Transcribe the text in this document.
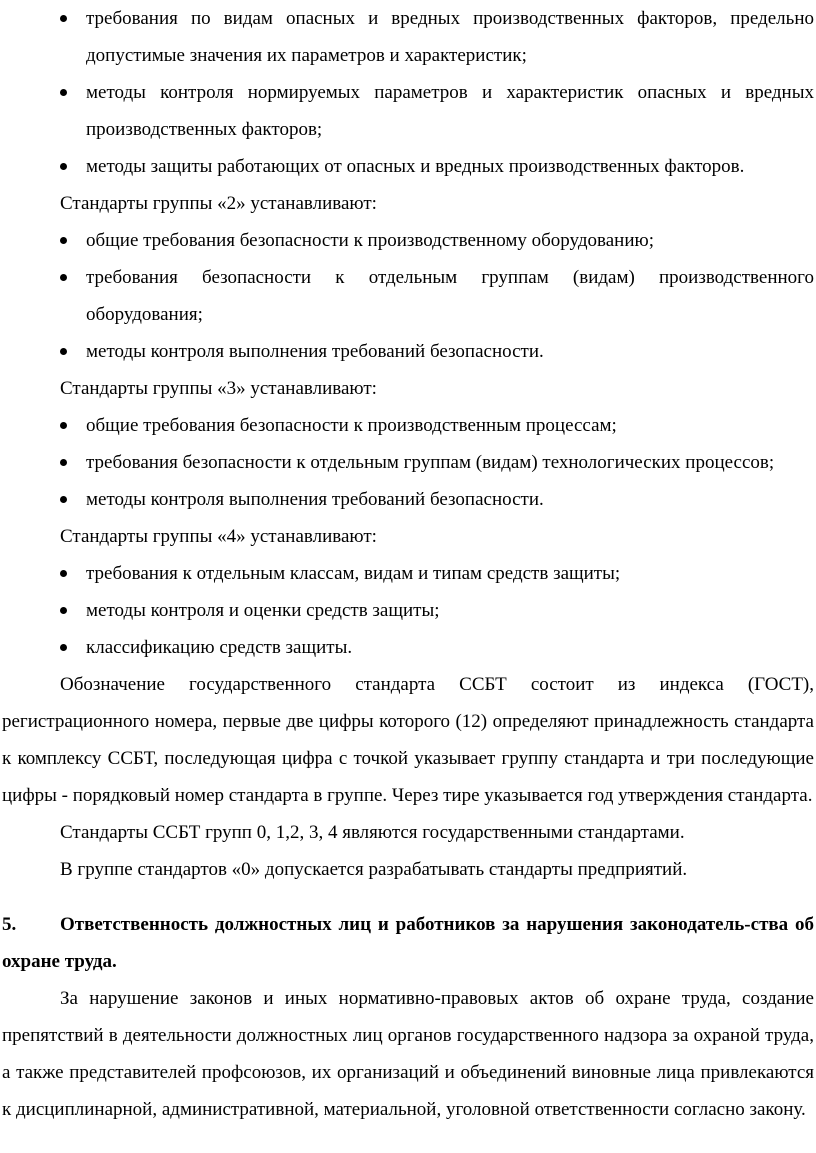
требования по видам опасных и вредных производственных факторов, предельно допустимые значения их параметров и характеристик;
методы контроля нормируемых параметров и характеристик опасных и вредных производственных факторов;
методы защиты работающих от опасных и вредных производственных факторов.

Стандарты группы «2» устанавливают:

общие требования безопасности к производственному оборудованию;
требования безопасности к отдельным группам (видам) производственного оборудования;
методы контроля выполнения требований безопасности.

Стандарты группы «3» устанавливают:

общие требования безопасности к производственным процессам;
требования безопасности к отдельным группам (видам) технологических процессов;
методы контроля выполнения требований безопасности.

Стандарты группы «4» устанавливают:

требования к отдельным классам, видам и типам средств защиты;
методы контроля и оценки средств защиты;
классификацию средств защиты.

Обозначение государственного стандарта ССБТ состоит из индекса (ГОСТ), регистрационного номера, первые две цифры которого (12) определяют принадлежность стандарта к комплексу ССБТ, последующая цифра с точкой указывает группу стандарта и три последующие цифры - порядковый номер стандарта в группе. Через тире указывается год утверждения стандарта.

Стандарты ССБТ групп 0, 1,2, 3, 4 являются государственными стандартами.

В группе стандартов «0» допускается разрабатывать стандарты предприятий.

5. Ответственность должностных лиц и работников за нарушения законодатель-ства об охране труда.

За нарушение законов и иных нормативно-правовых актов об охране труда, создание препятствий в деятельности должностных лиц органов государственного надзора за охраной труда, а также представителей профсоюзов, их организаций и объединений виновные лица привлекаются к дисциплинарной, административной, материальной, уголовной ответственности согласно закону.
